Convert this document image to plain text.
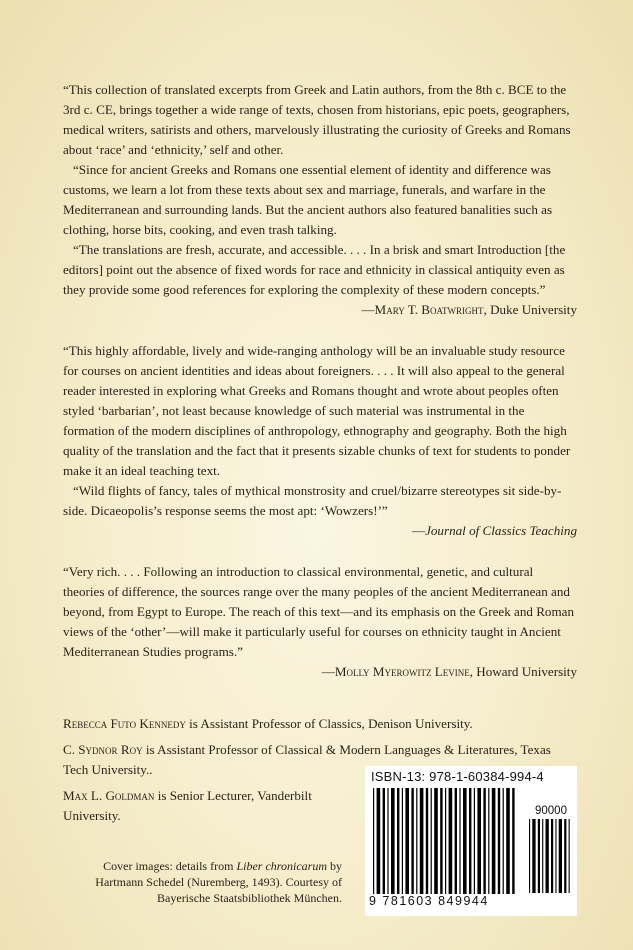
“This collection of translated excerpts from Greek and Latin authors, from the 8th c. BCE to the 3rd c. CE, brings together a wide range of texts, chosen from historians, epic poets, geographers, medical writers, satirists and others, marvelously illustrating the curiosity of Greeks and Romans about ‘race’ and ‘ethnicity,’ self and other.

“Since for ancient Greeks and Romans one essential element of identity and difference was customs, we learn a lot from these texts about sex and marriage, funerals, and warfare in the Mediterranean and surrounding lands. But the ancient authors also featured banalities such as clothing, horse bits, cooking, and even trash talking.

“The translations are fresh, accurate, and accessible. . . . In a brisk and smart Introduction [the editors] point out the absence of fixed words for race and ethnicity in classical antiquity even as they provide some good references for exploring the complexity of these modern concepts.”

—Mary T. Boatwright, Duke University

“This highly affordable, lively and wide-ranging anthology will be an invaluable study resource for courses on ancient identities and ideas about foreigners. . . . It will also appeal to the general reader interested in exploring what Greeks and Romans thought and wrote about peoples often styled ‘barbarian’, not least because knowledge of such material was instrumental in the formation of the modern disciplines of anthropology, ethnography and geography. Both the high quality of the translation and the fact that it presents sizable chunks of text for students to ponder make it an ideal teaching text.

“Wild flights of fancy, tales of mythical monstrosity and cruel/bizarre stereotypes sit side-by-side. Dicaeopolis’s response seems the most apt: ‘Wowzers!’”

—Journal of Classics Teaching

“Very rich. . . . Following an introduction to classical environmental, genetic, and cultural theories of difference, the sources range over the many peoples of the ancient Mediterranean and beyond, from Egypt to Europe. The reach of this text—and its emphasis on the Greek and Roman views of the ‘other’—will make it particularly useful for courses on ethnicity taught in Ancient Mediterranean Studies programs.”

—Molly Myerowitz Levine, Howard University

Rebecca Futo Kennedy is Assistant Professor of Classics, Denison University.

C. Sydnor Roy is Assistant Professor of Classical & Modern Languages & Literatures, Texas Tech University..

Max L. Goldman is Senior Lecturer, Vanderbilt University.

ISBN-13: 978-1-60384-994-4
90000
9 781603 849944

Cover images: details from Liber chronicarum by Hartmann Schedel (Nuremberg, 1493). Courtesy of Bayerische Staatsbibliothek München.
